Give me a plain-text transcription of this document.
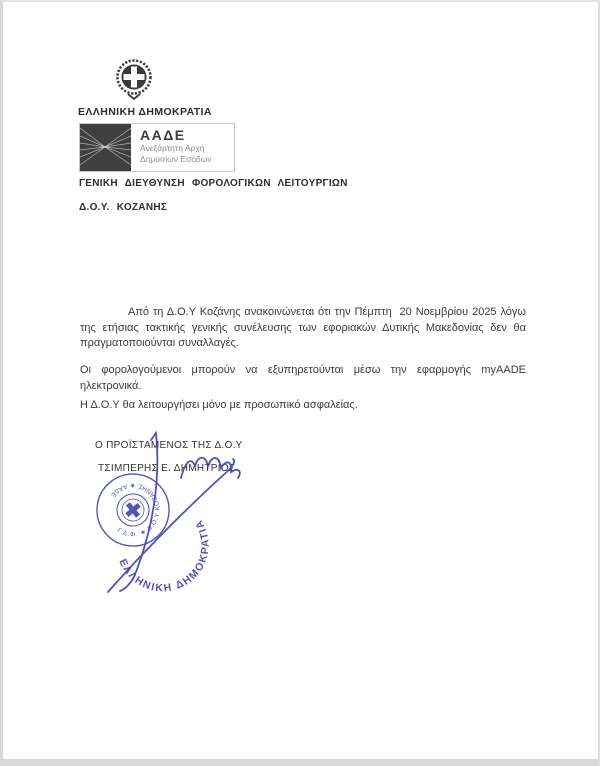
ΕΛΛΗΝΙΚΗ ΔΗΜΟΚΡΑΤΙΑ
ΑΑΔΕ
Ανεξάρτητη Αρχή
Δημοσίων Εσόδων
ΓΕΝΙΚΗ ΔΙΕΥΘΥΝΣΗ ΦΟΡΟΛΟΓΙΚΩΝ ΛΕΙΤΟΥΡΓΙΩΝ
Δ.Ο.Υ. ΚΟΖΑΝΗΣ
Από τη Δ.Ο.Υ Κοζάνης ανακοινώνεται ότι την Πέμπτη  20 Νοεμβρίου 2025 λόγω της ετήσιας τακτικής γενικής συνέλευσης των εφοριακών Δυτικής Μακεδονίας δεν θα πραγματοποιούνται συναλλαγές.
Οι φορολογούμενοι μπορούν να εξυπηρετούνται μέσω την εφαρμογής myAADE ηλεκτρονικά.
Η Δ.Ο.Υ θα λειτουργήσει μόνο με προσωπικό ασφαλείας.
Ο ΠΡΟΪΣΤΑΜΕΝΟΣ ΤΗΣ Δ.Ο.Υ
ΤΣΙΜΠΕΡΗΣ Ε. ΔΗΜΗΤΡΙΟΣ
ΕΛΛΗΝΙΚΗ ΔΗΜΟΚΡΑΤΙΑ
Γ.Δ.Φ. ★ Δ.Ο.Υ ΚΟΖΑΝΗΣ ★ ΑΑΔΕ
